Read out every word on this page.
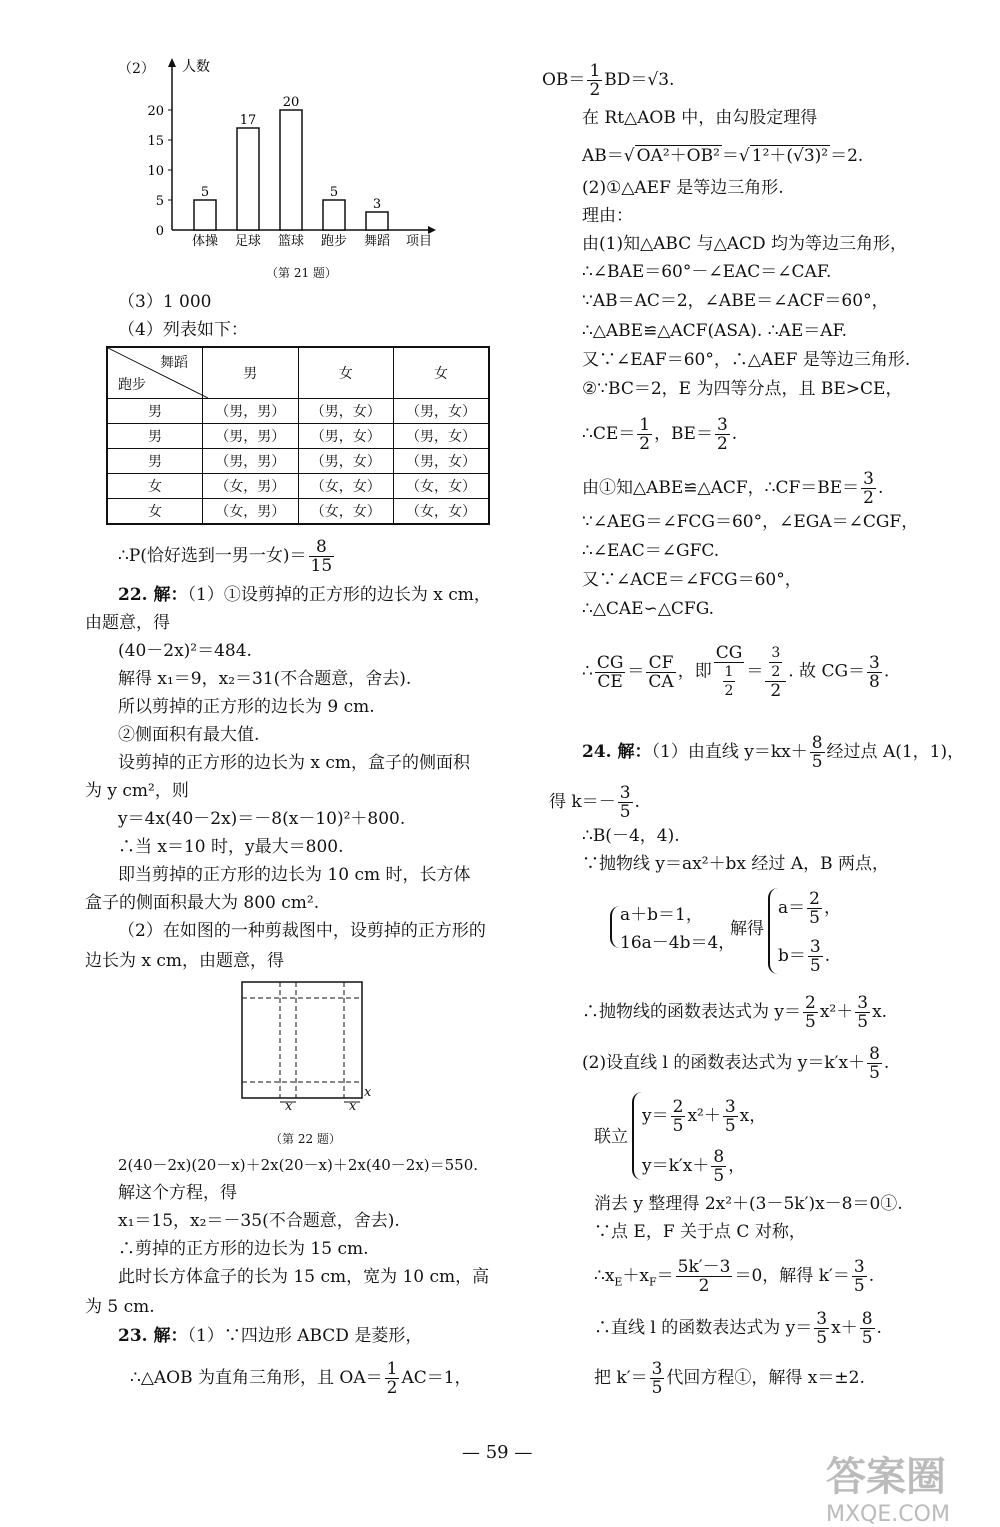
（2） 人数
项目
0
5
10
15
20
5
体操
17
足球
20
篮球
5
跑步
3
舞蹈
（第 21 题）
（3）1 000
（4）列表如下：
舞蹈
跑步	男	女	女
男	（男，男）	（男，女）	（男，女）
男	（男，男）	（男，女）	（男，女）
男	（男，男）	（男，女）	（男，女）
女	（女，男）	（女，女）	（女，女）
女	（女，男）	（女，女）	（女，女）
∴P(恰好选到一男一女)＝ $\frac{8}{15}$
22. 解：（1）①设剪掉的正方形的边长为 x cm，
由题意，得
(40－2x)²＝484.
解得 x₁＝9，x₂＝31(不合题意，舍去).
所以剪掉的正方形的边长为 9 cm.
②侧面积有最大值.
设剪掉的正方形的边长为 x cm，盒子的侧面积
为 y cm²，则
y＝4x(40－2x)＝－8(x－10)²＋800.
∴当 x＝10 时，y最大＝800.
即当剪掉的正方形的边长为 10 cm 时，长方体
盒子的侧面积最大为 800 cm².
（2）在如图的一种剪裁图中，设剪掉的正方形的
边长为 x cm，由题意，得
x	x
x
（第 22 题）
2(40－2x)(20－x)＋2x(20－x)＋2x(40－2x)＝550.
解这个方程，得
x₁＝15，x₂＝－35(不合题意，舍去).
∴剪掉的正方形的边长为 15 cm.
此时长方体盒子的长为 15 cm，宽为 10 cm，高
为 5 cm.
23. 解：（1）∵四边形 ABCD 是菱形，
∴△AOB 为直角三角形，且 $OA= \frac{1}{2} AC=1$，
$OB= \frac{1}{2} BD=√3$.
在 Rt△AOB 中，由勾股定理得
AB＝√ OA²＋OB² ＝√ 1²＋(√3)² ＝2.
(2)①△AEF 是等边三角形.
理由：
由(1)知△ABC 与△ACD 均为等边三角形，
∴∠BAE＝60°－∠EAC＝∠CAF.
∵AB＝AC＝2，∠ABE＝∠ACF＝60°，
∴△ABE≌△ACF(ASA). ∴AE＝AF.
又∵∠EAF＝60°，∴△AEF 是等边三角形.
②∵BC＝2，E 为四等分点，且 BE>CE，
∴CE＝ $\frac{1}{2}$ ，$BE= \frac{3}{2}$ .
由①知△ABE≌△ACF，∴CF＝BE＝ $\frac{3}{2}$ .
∵∠AEG＝∠FCG＝60°，∠EGA＝∠CGF，
∴∠EAC＝∠GFC.
又∵∠ACE＝∠FCG＝60°，
∴△CAE∽△CFG.
∴ $\frac{CG}{CE} = \frac{CF}{CA}$ ，即 $\frac{CG}{\frac{1}{2}} = \frac{\frac{3}{2}}{2}$ . 故 $CG= \frac{3}{8}$ .
24. 解：（1）由直线 $y=kx+ \frac{8}{5}$ 经过点 A(1，1)，
得 $k=- \frac{3}{5}$ .
∴B(－4，4).
∵抛物线 y＝ax²＋bx 经过 A，B 两点，
a＋b＝1，
16a－4b＝4，
解得
$a= \frac{2}{5}$ ，
$b= \frac{3}{5}$ .
∴抛物线的函数表达式为 $y= \frac{2}{5} x^2+ \frac{3}{5} x$.
(2)设直线 l 的函数表达式为 $y=k'x+ \frac{8}{5}$ .
联立
$y= \frac{2}{5} x^2+ \frac{3}{5}$ x，
$y=k'x+ \frac{8}{5}$ ，
消去 y 整理得 2x²＋(3－5k′)x－8＝0①.
∵点 E，F 关于点 C 对称，
$\therefore x_E+x_F= \frac{5k'-3}{2} =0$，解得 $k'= \frac{3}{5}$ .
∴直线 l 的函数表达式为 $y= \frac{3}{5} x+ \frac{8}{5}$ .
把 $k'= \frac{3}{5}$ 代回方程①，解得 x＝±2.
— 59 —
答案圈
MXQE.COM
